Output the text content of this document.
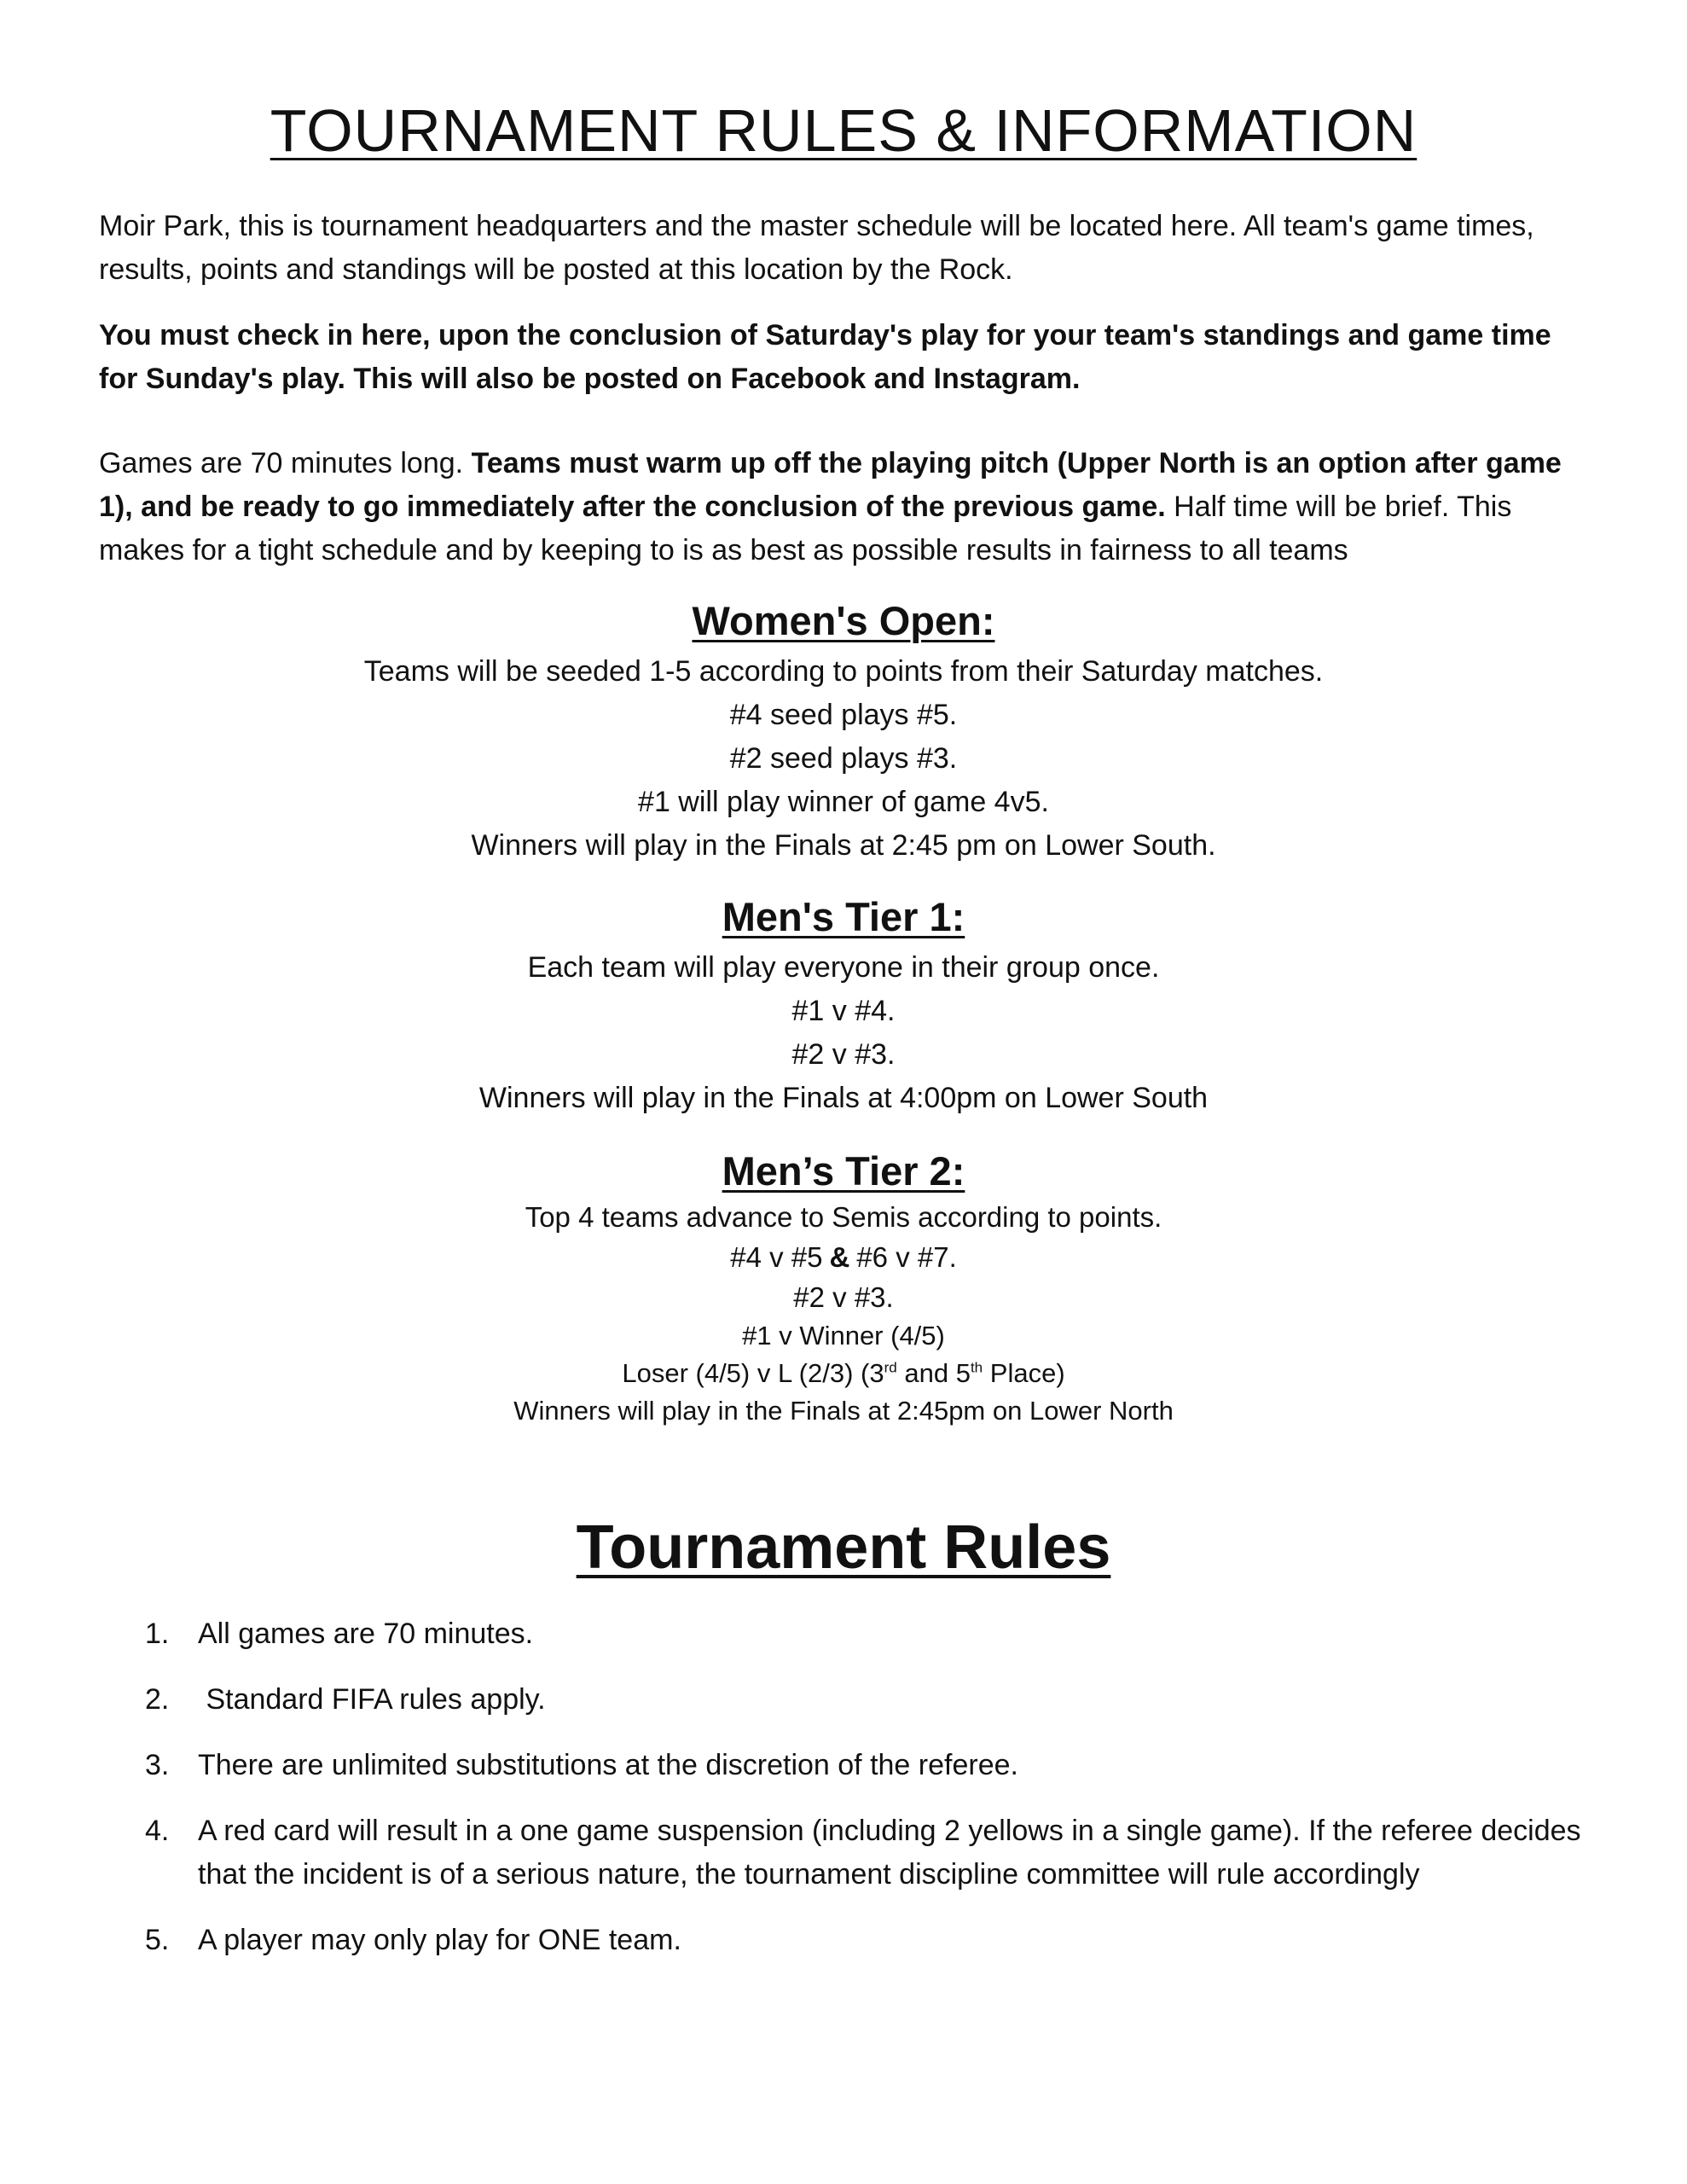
TOURNAMENT RULES & INFORMATION

Moir Park, this is tournament headquarters and the master schedule will be located here. All team's game times, results, points and standings will be posted at this location by the Rock.

You must check in here, upon the conclusion of Saturday's play for your team's standings and game time for Sunday's play. This will also be posted on Facebook and Instagram.

Games are 70 minutes long. Teams must warm up off the playing pitch (Upper North is an option after game 1), and be ready to go immediately after the conclusion of the previous game. Half time will be brief. This makes for a tight schedule and by keeping to is as best as possible results in fairness to all teams

Women's Open:

Teams will be seeded 1-5 according to points from their Saturday matches.

#4 seed plays #5.

#2 seed plays #3.

#1 will play winner of game 4v5.

Winners will play in the Finals at 2:45 pm on Lower South.

Men's Tier 1:

Each team will play everyone in their group once.

#1 v #4.

#2 v #3.

Winners will play in the Finals at 4:00pm on Lower South

Men’s Tier 2:

Top 4 teams advance to Semis according to points.

#4 v #5 & #6 v #7.

#2 v #3.

#1 v Winner (4/5)

Loser (4/5) v L (2/3) (3rd and 5th Place)

Winners will play in the Finals at 2:45pm on Lower North

Tournament Rules
1. All games are 70 minutes.
2. Standard FIFA rules apply.
3. There are unlimited substitutions at the discretion of the referee.
4. A red card will result in a one game suspension (including 2 yellows in a single game). If the referee decides that the incident is of a serious nature, the tournament discipline committee will rule accordingly
5. A player may only play for ONE team.
